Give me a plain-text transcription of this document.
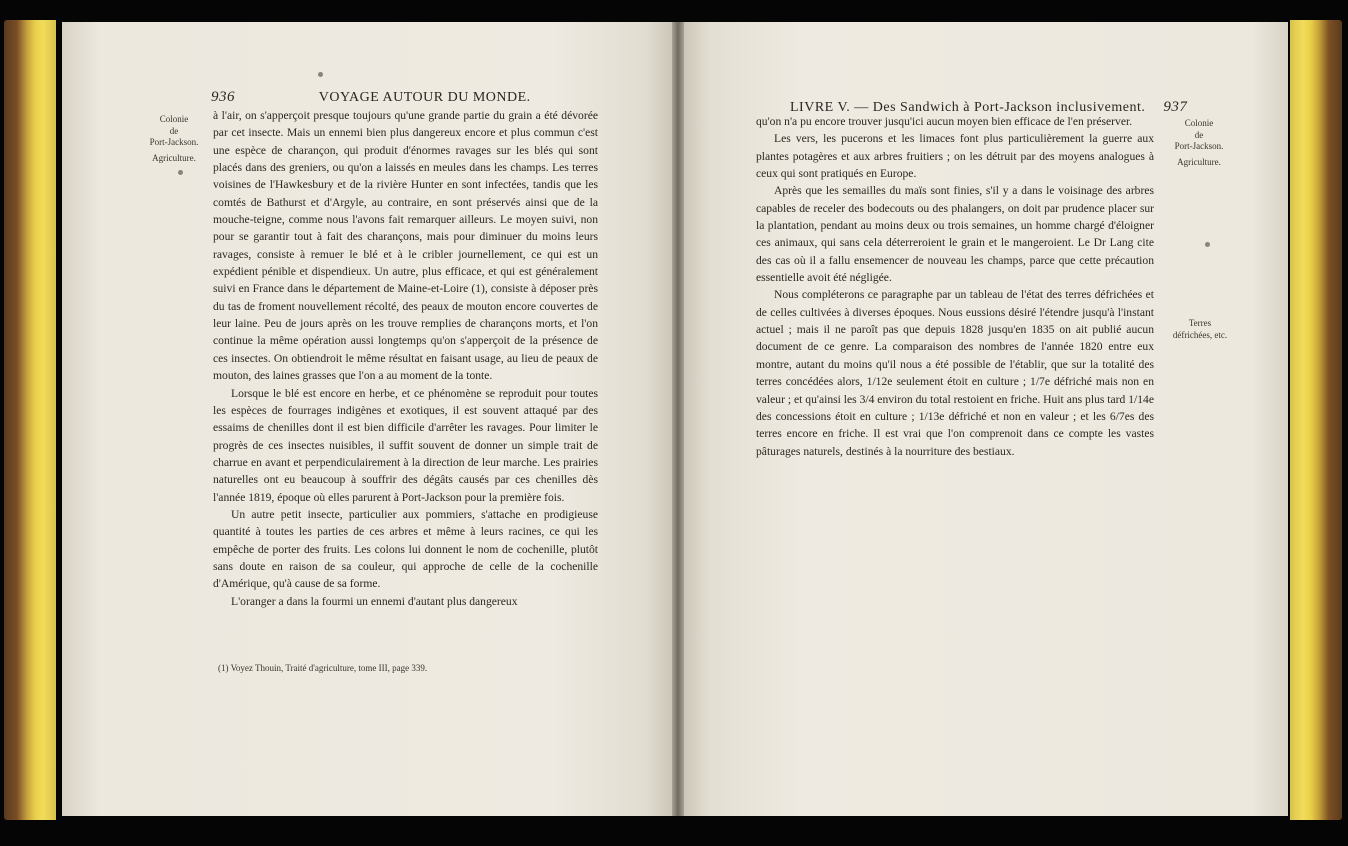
936	VOYAGE AUTOUR DU MONDE.
Colonie
de
Port-Jackson.
Agriculture.

à l'air, on s'apperçoit presque toujours qu'une grande partie du grain a été dévorée par cet insecte. Mais un ennemi bien plus dangereux encore et plus commun c'est une espèce de charançon, qui produit d'énormes ravages sur les blés qui sont placés dans des greniers, ou qu'on a laissés en meules dans les champs. Les terres voisines de l'Hawkesbury et de la rivière Hunter en sont infectées, tandis que les comtés de Bathurst et d'Argyle, au contraire, en sont préservés ainsi que de la mouche-teigne, comme nous l'avons fait remarquer ailleurs. Le moyen suivi, non pour se garantir tout à fait des charançons, mais pour diminuer du moins leurs ravages, consiste à remuer le blé et à le cribler journellement, ce qui est un expédient pénible et dispendieux. Un autre, plus efficace, et qui est généralement suivi en France dans le département de Maine-et-Loire (1), consiste à déposer près du tas de froment nouvellement récolté, des peaux de mouton encore couvertes de leur laine. Peu de jours après on les trouve remplies de charançons morts, et l'on continue la même opération aussi longtemps qu'on s'apperçoit de la présence de ces insectes. On obtiendroit le même résultat en faisant usage, au lieu de peaux de mouton, des laines grasses que l'on a au moment de la tonte.

Lorsque le blé est encore en herbe, et ce phénomène se reproduit pour toutes les espèces de fourrages indigènes et exotiques, il est souvent attaqué par des essaims de chenilles dont il est bien difficile d'arrêter les ravages. Pour limiter le progrès de ces insectes nuisibles, il suffit souvent de donner un simple trait de charrue en avant et perpendiculairement à la direction de leur marche. Les prairies naturelles ont eu beaucoup à souffrir des dégâts causés par ces chenilles dès l'année 1819, époque où elles parurent à Port-Jackson pour la première fois.

Un autre petit insecte, particulier aux pommiers, s'attache en prodigieuse quantité à toutes les parties de ces arbres et même à leurs racines, ce qui les empêche de porter des fruits. Les colons lui donnent le nom de cochenille, plutôt sans doute en raison de sa couleur, qui approche de celle de la cochenille d'Amérique, qu'à cause de sa forme.

L'oranger a dans la fourmi un ennemi d'autant plus dangereux

(1) Voyez Thouin, Traité d'agriculture, tome III, page 339.
LIVRE V. — Des Sandwich à Port-Jackson inclusivement. 937
Colonie
de
Port-Jackson.
Agriculture.
Terres
défrichées, etc.

qu'on n'a pu encore trouver jusqu'ici aucun moyen bien efficace de l'en préserver.

Les vers, les pucerons et les limaces font plus particulièrement la guerre aux plantes potagères et aux arbres fruitiers ; on les détruit par des moyens analogues à ceux qui sont pratiqués en Europe.

Après que les semailles du maïs sont finies, s'il y a dans le voisinage des arbres capables de receler des bodecouts ou des phalangers, on doit par prudence placer sur la plantation, pendant au moins deux ou trois semaines, un homme chargé d'éloigner ces animaux, qui sans cela déterreroient le grain et le mangeroient. Le Dr Lang cite des cas où il a fallu ensemencer de nouveau les champs, parce que cette précaution essentielle avoit été négligée.

Nous compléterons ce paragraphe par un tableau de l'état des terres défrichées et de celles cultivées à diverses époques. Nous eussions désiré l'étendre jusqu'à l'instant actuel ; mais il ne paroît pas que depuis 1828 jusqu'en 1835 on ait publié aucun document de ce genre. La comparaison des nombres de l'année 1820 entre eux montre, autant du moins qu'il nous a été possible de l'établir, que sur la totalité des terres concédées alors, 1/12e seulement étoit en culture ; 1/7e défriché mais non en valeur ; et qu'ainsi les 3/4 environ du total restoient en friche. Huit ans plus tard 1/14e des concessions étoit en culture ; 1/13e défriché et non en valeur ; et les 6/7es des terres encore en friche. Il est vrai que l'on comprenoit dans ce compte les vastes pâturages naturels, destinés à la nourriture des bestiaux.
